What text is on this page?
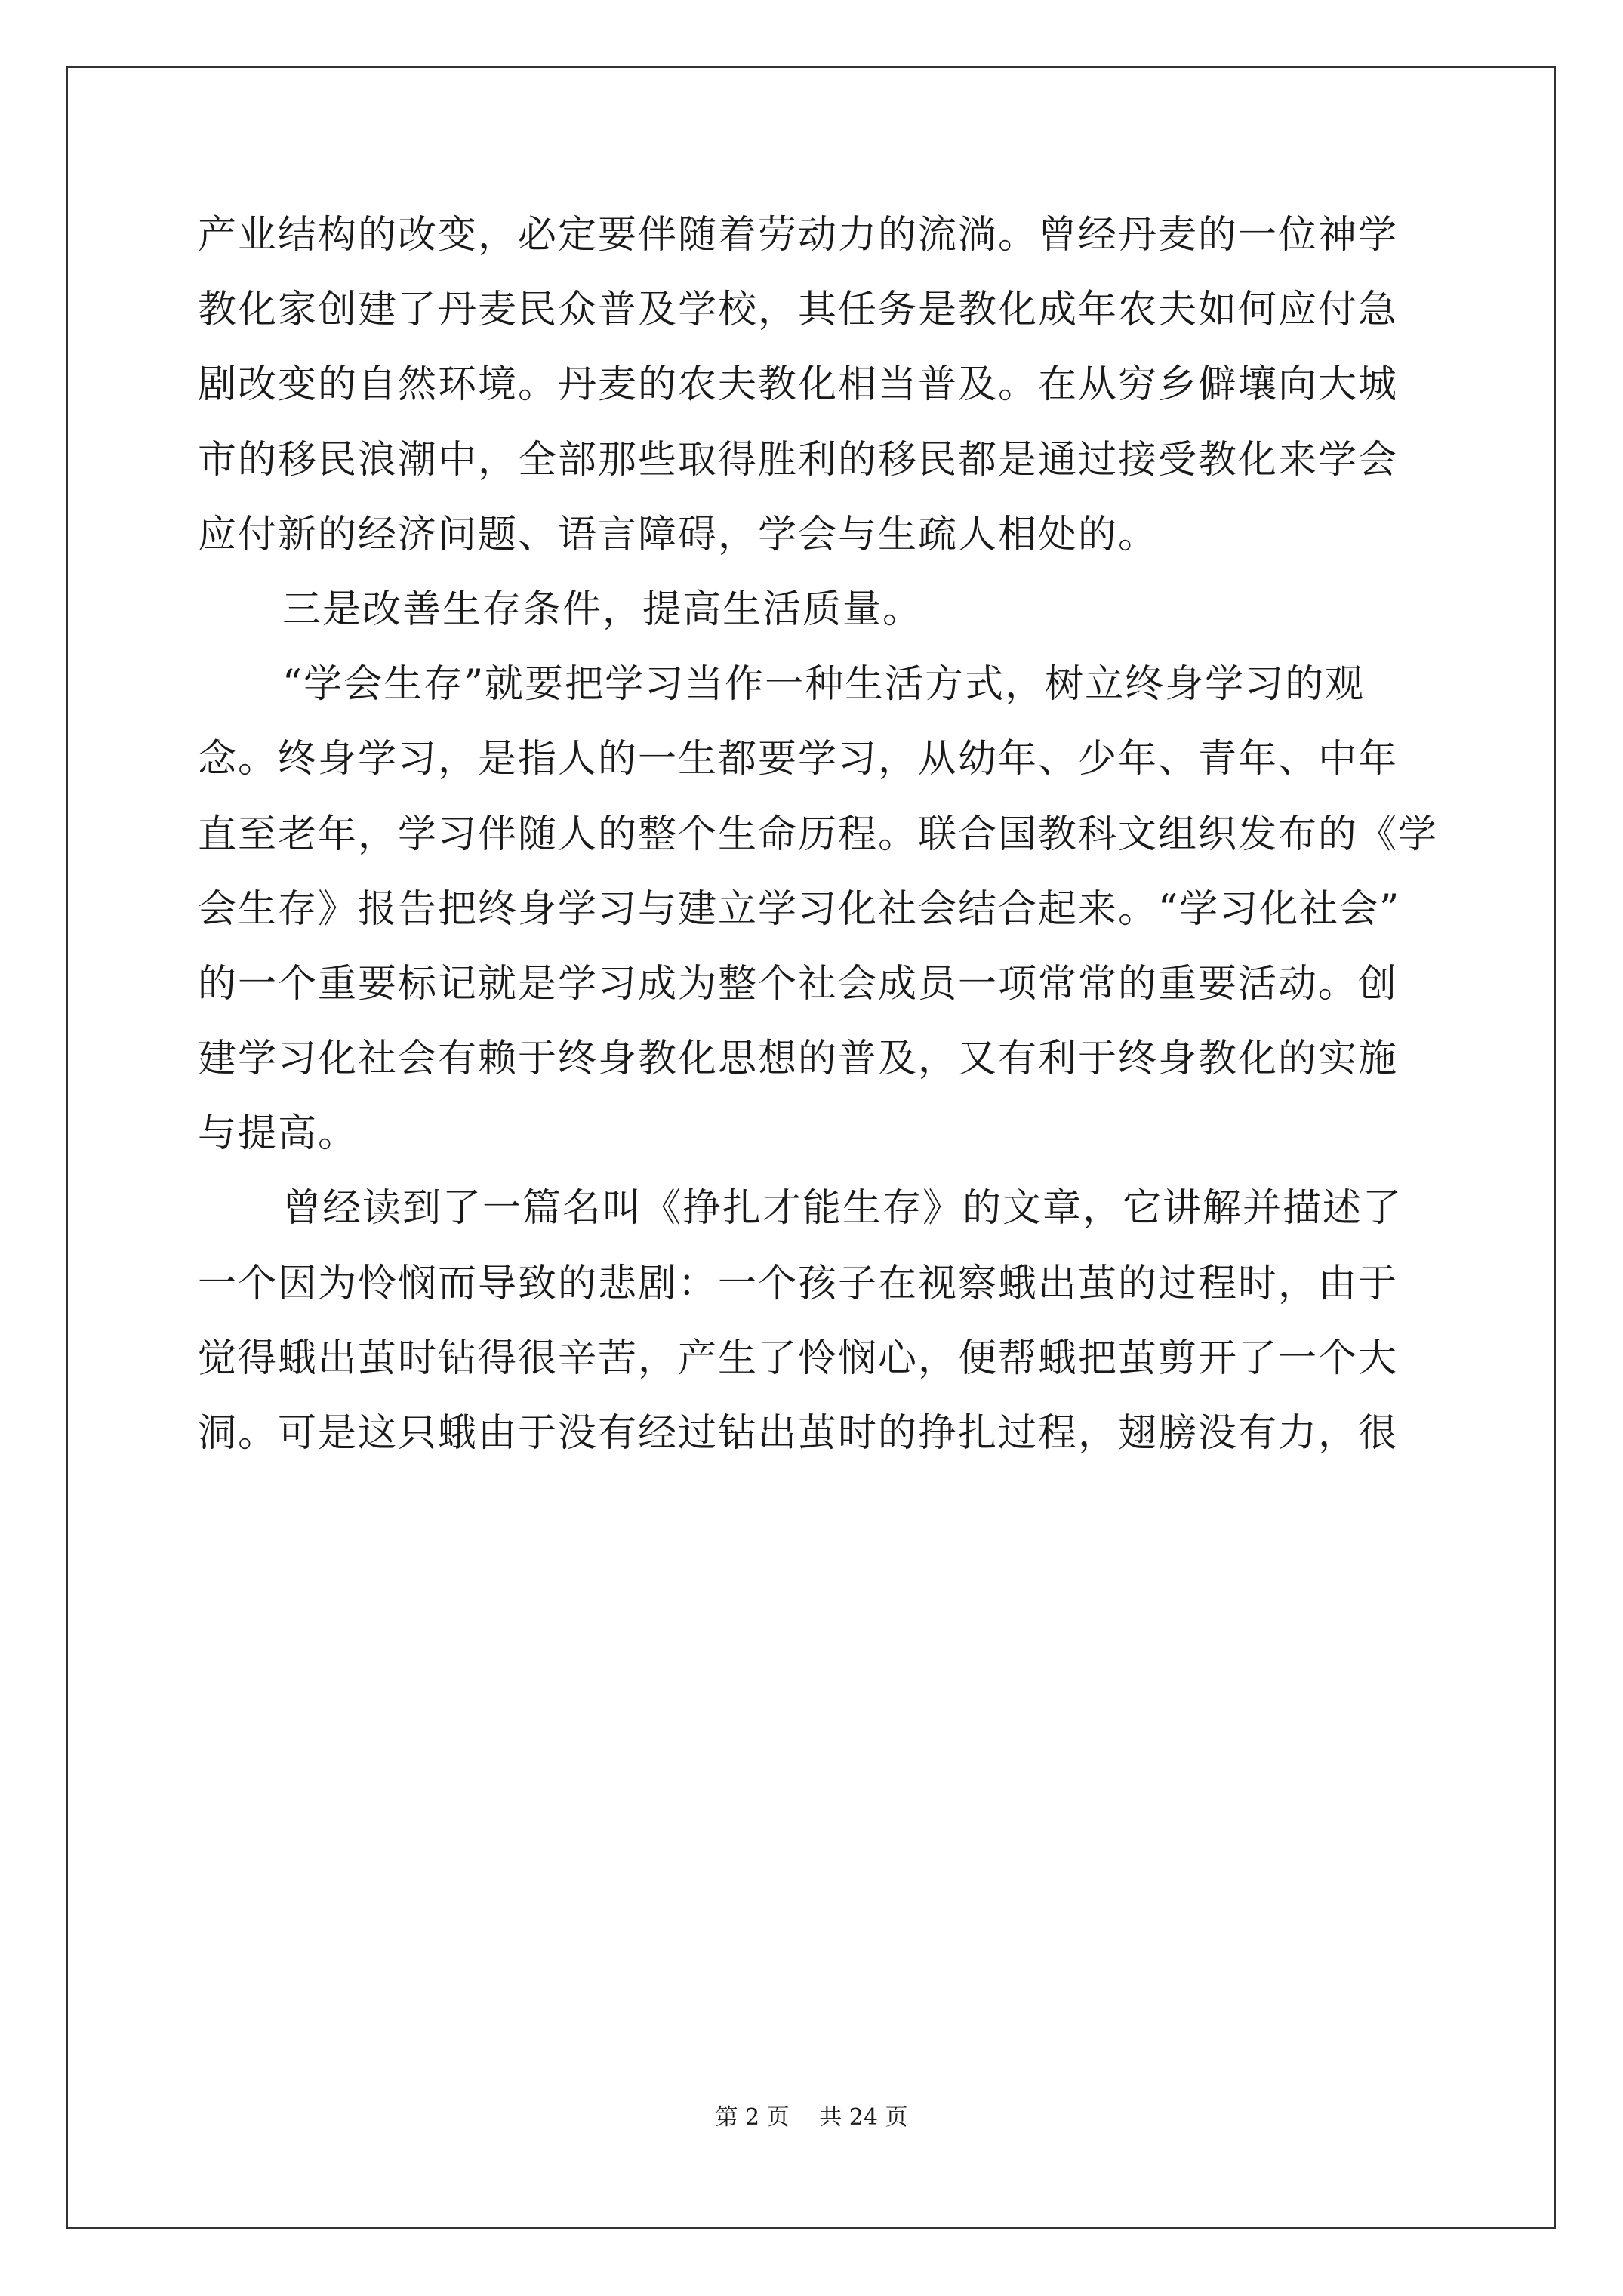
产业结构的改变，必定要伴随着劳动力的流淌。曾经丹麦的一位神学
教化家创建了丹麦民众普及学校，其任务是教化成年农夫如何应付急
剧改变的自然环境。丹麦的农夫教化相当普及。在从穷乡僻壤向大城
市的移民浪潮中，全部那些取得胜利的移民都是通过接受教化来学会
应付新的经济问题、语言障碍，学会与生疏人相处的。
三是改善生存条件，提高生活质量。
“学会生存”就要把学习当作一种生活方式，树立终身学习的观
念。终身学习，是指人的一生都要学习，从幼年、少年、青年、中年
直至老年，学习伴随人的整个生命历程。联合国教科文组织发布的《学
会生存》报告把终身学习与建立学习化社会结合起来。“学习化社会”
的一个重要标记就是学习成为整个社会成员一项常常的重要活动。创
建学习化社会有赖于终身教化思想的普及，又有利于终身教化的实施
与提高。
曾经读到了一篇名叫《挣扎才能生存》的文章，它讲解并描述了
一个因为怜悯而导致的悲剧：一个孩子在视察蛾出茧的过程时，由于
觉得蛾出茧时钻得很辛苦，产生了怜悯心，便帮蛾把茧剪开了一个大
洞。可是这只蛾由于没有经过钻出茧时的挣扎过程，翅膀没有力，很
第 2 页　 共 24 页
